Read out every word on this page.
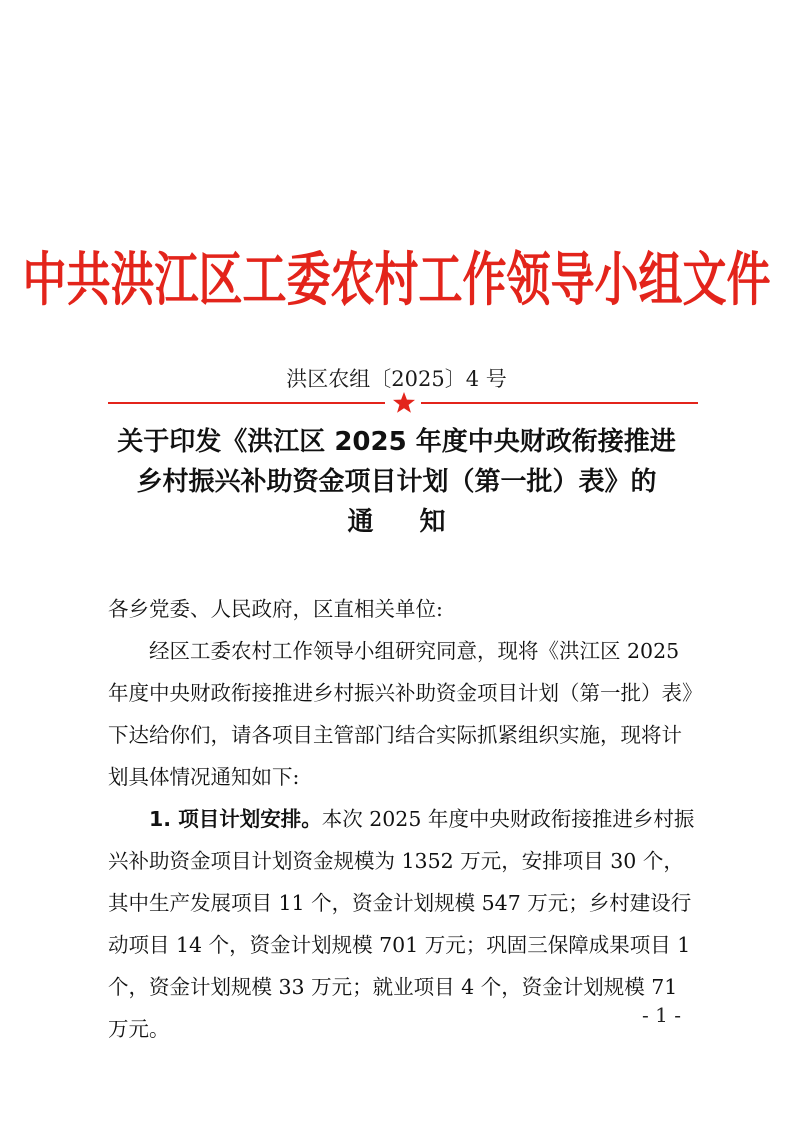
中共洪江区工委农村工作领导小组文件
洪区农组〔2025〕4 号
关于印发《洪江区 2025 年度中央财政衔接推进
乡村振兴补助资金项目计划（第一批）表》的
通知

各乡党委、人民政府，区直相关单位:

经区工委农村工作领导小组研究同意，现将《洪江区 2025 年度中央财政衔接推进乡村振兴补助资金项目计划（第一批）表》下达给你们，请各项目主管部门结合实际抓紧组织实施，现将计划具体情况通知如下:

1. 项目计划安排。本次 2025 年度中央财政衔接推进乡村振兴补助资金项目计划资金规模为 1352 万元，安排项目 30 个，其中生产发展项目 11 个，资金计划规模 547 万元；乡村建设行动项目 14 个，资金计划规模 701 万元；巩固三保障成果项目 1 个，资金计划规模 33 万元；就业项目 4 个，资金计划规模 71 万元。

- 1 -
